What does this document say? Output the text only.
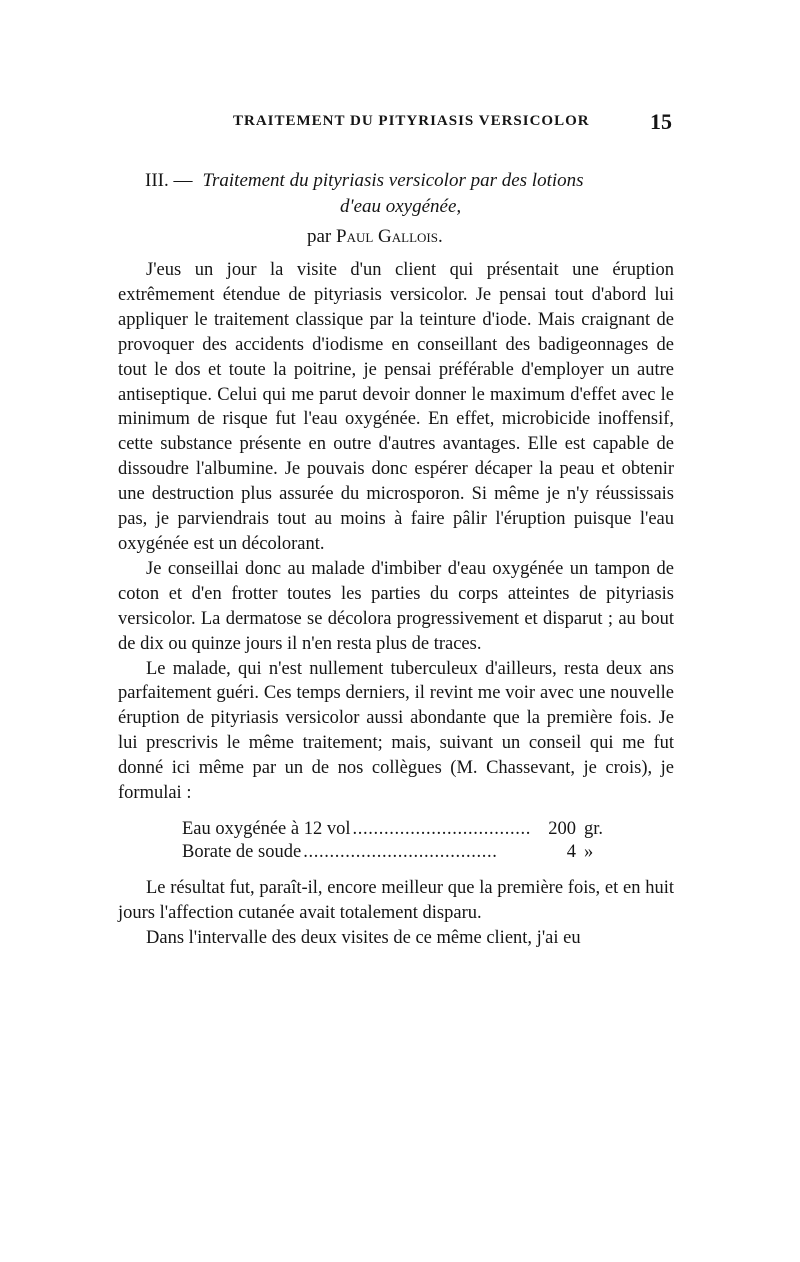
TRAITEMENT DU PITYRIASIS VERSICOLOR	15
III. — Traitement du pityriasis versicolor par des lotions
d'eau oxygénée,
par Paul Gallois.

J'eus un jour la visite d'un client qui présentait une éruption extrêmement étendue de pityriasis versicolor. Je pensai tout d'abord lui appliquer le traitement classique par la teinture d'iode. Mais craignant de provoquer des accidents d'iodisme en conseillant des badigeonnages de tout le dos et toute la poitrine, je pensai préférable d'employer un autre antiseptique. Celui qui me parut devoir donner le maximum d'effet avec le minimum de risque fut l'eau oxygénée. En effet, microbicide inoffensif, cette substance présente en outre d'autres avantages. Elle est capable de dissoudre l'albumine. Je pouvais donc espérer décaper la peau et obtenir une destruction plus assurée du microsporon. Si même je n'y réussissais pas, je parviendrais tout au moins à faire pâlir l'éruption puisque l'eau oxygénée est un décolorant.

Je conseillai donc au malade d'imbiber d'eau oxygénée un tampon de coton et d'en frotter toutes les parties du corps atteintes de pityriasis versicolor. La dermatose se décolora progressivement et disparut ; au bout de dix ou quinze jours il n'en resta plus de traces.

Le malade, qui n'est nullement tuberculeux d'ailleurs, resta deux ans parfaitement guéri. Ces temps derniers, il revint me voir avec une nouvelle éruption de pityriasis versicolor aussi abondante que la première fois. Je lui prescrivis le même traitement; mais, suivant un conseil qui me fut donné ici même par un de nos collègues (M. Chassevant, je crois), je formulai :

Eau oxygénée à 12 vol . . .	200 gr.
Borate de soude . . .	4 »

Le résultat fut, paraît-il, encore meilleur que la première fois, et en huit jours l'affection cutanée avait totalement disparu.

Dans l'intervalle des deux visites de ce même client, j'ai eu
